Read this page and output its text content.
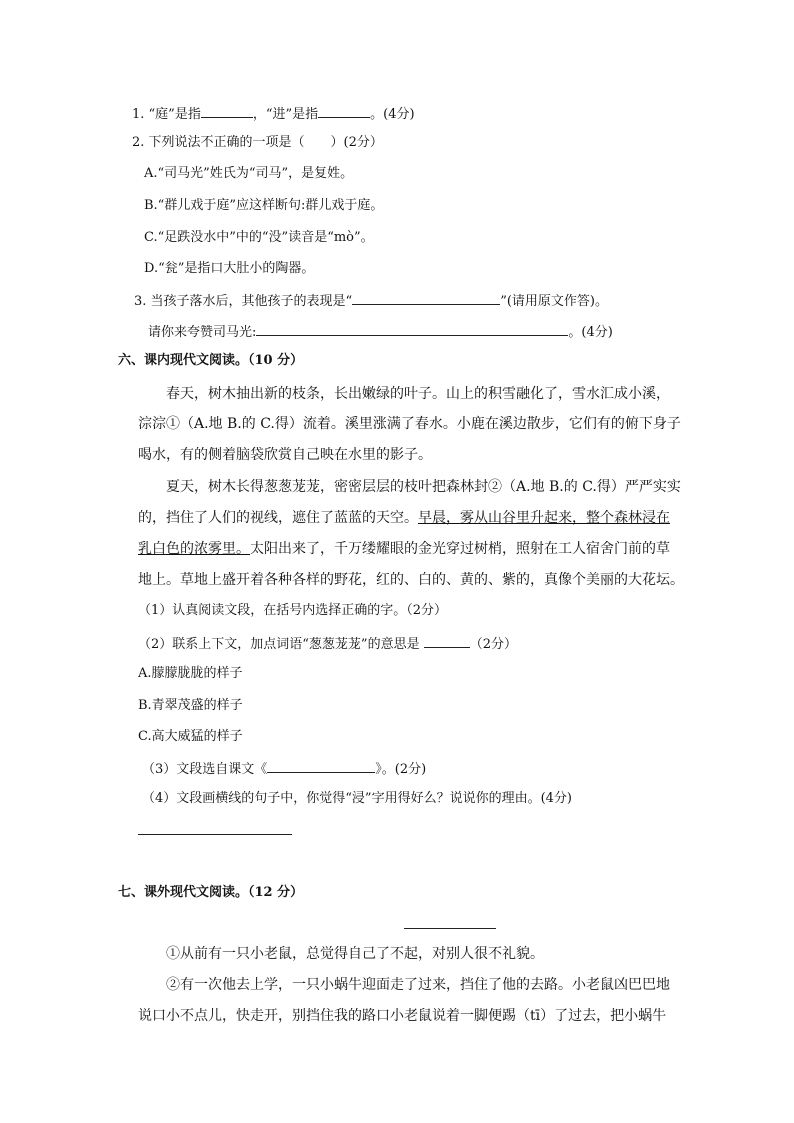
1. “庭”是指	，“进”是指	。(4分)
2. 下列说法不正确的一项是（　　）(2分）
A.“司马光”姓氏为“司马”，是复姓。
B.“群儿戏于庭”应这样断句:群儿戏于庭。
C.“足跌没水中”中的“没”读音是“mò”。
D.“瓮”是指口大肚小的陶器。
3. 当孩子落水后，其他孩子的表现是“	”(请用原文作答)。
请你来夸赞司马光:	。(4分)
六、课内现代文阅读。（10 分）
春天，树木抽出新的枝条，长出嫩绿的叶子。山上的积雪融化了，雪水汇成小溪，
淙淙①（A.地 B.的 C.得）流着。溪里涨满了春水。小鹿在溪边散步，它们有的俯下身子
喝水，有的侧着脑袋欣赏自己映在水里的影子。
夏天，树木长得葱葱茏茏，密密层层的枝叶把森林封②（A.地 B.的 C.得）严严实实
的，挡住了人们的视线，遮住了蓝蓝的天空。早晨，雾从山谷里升起来，整个森林浸在
乳白色的浓雾里。太阳出来了，千万缕耀眼的金光穿过树梢，照射在工人宿舍门前的草
地上。草地上盛开着各种各样的野花，红的、白的、黄的、紫的，真像个美丽的大花坛。
（1）认真阅读文段，在括号内选择正确的字。（2分）
（2）联系上下文，加点词语“葱葱茏茏”的意思是	（2分）
A.朦朦胧胧的样子
B.青翠茂盛的样子
C.高大威猛的样子
（3）文段选自课文《	》。(2分)
（4）文段画横线的句子中，你觉得“浸”字用得好么？说说你的理由。(4分)
七、课外现代文阅读。（12 分）
①从前有一只小老鼠，总觉得自己了不起，对别人很不礼貌。
②有一次他去上学，一只小蜗牛迎面走了过来，挡住了他的去路。小老鼠凶巴巴地
说口小不点儿，快走开，别挡住我的路口小老鼠说着一脚便踢（tī）了过去，把小蜗牛
